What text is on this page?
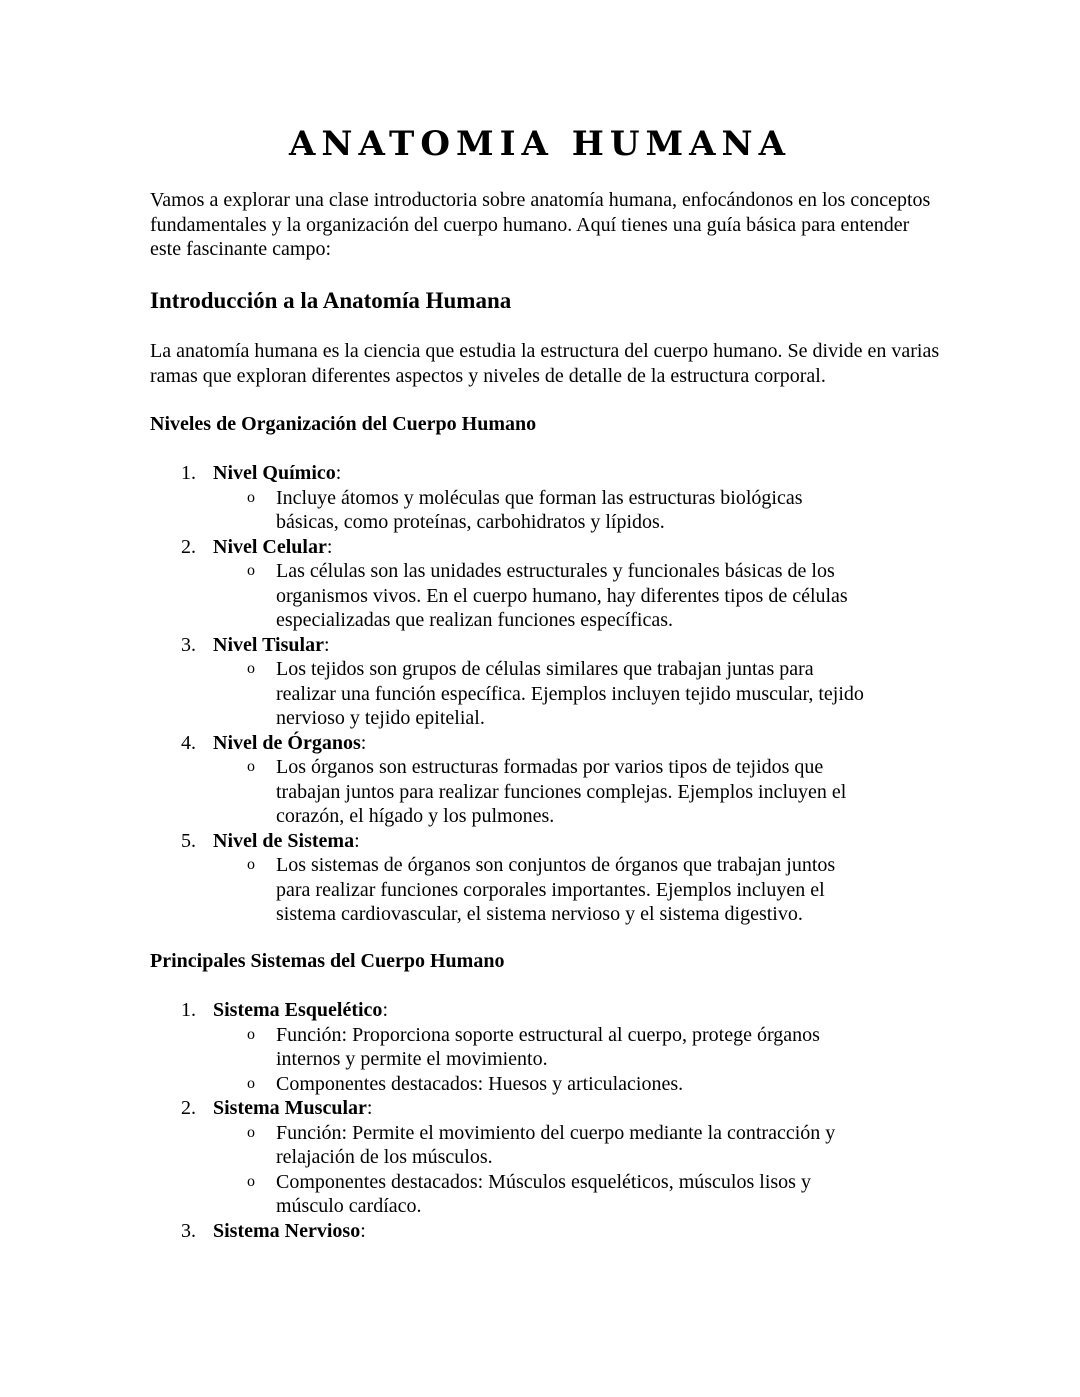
ANATOMIA HUMANA

Vamos a explorar una clase introductoria sobre anatomía humana, enfocándonos en los conceptos fundamentales y la organización del cuerpo humano. Aquí tienes una guía básica para entender este fascinante campo:

Introducción a la Anatomía Humana

La anatomía humana es la ciencia que estudia la estructura del cuerpo humano. Se divide en varias ramas que exploran diferentes aspectos y niveles de detalle de la estructura corporal.

Niveles de Organización del Cuerpo Humano
1. Nivel Químico:
o Incluye átomos y moléculas que forman las estructuras biológicas básicas, como proteínas, carbohidratos y lípidos.
2. Nivel Celular:
o Las células son las unidades estructurales y funcionales básicas de los organismos vivos. En el cuerpo humano, hay diferentes tipos de células especializadas que realizan funciones específicas.
3. Nivel Tisular:
o Los tejidos son grupos de células similares que trabajan juntas para realizar una función específica. Ejemplos incluyen tejido muscular, tejido nervioso y tejido epitelial.
4. Nivel de Órganos:
o Los órganos son estructuras formadas por varios tipos de tejidos que trabajan juntos para realizar funciones complejas. Ejemplos incluyen el corazón, el hígado y los pulmones.
5. Nivel de Sistema:
o Los sistemas de órganos son conjuntos de órganos que trabajan juntos para realizar funciones corporales importantes. Ejemplos incluyen el sistema cardiovascular, el sistema nervioso y el sistema digestivo.
Principales Sistemas del Cuerpo Humano
1. Sistema Esquelético:
o Función: Proporciona soporte estructural al cuerpo, protege órganos internos y permite el movimiento.
o Componentes destacados: Huesos y articulaciones.
2. Sistema Muscular:
o Función: Permite el movimiento del cuerpo mediante la contracción y relajación de los músculos.
o Componentes destacados: Músculos esqueléticos, músculos lisos y músculo cardíaco.
3. Sistema Nervioso:
